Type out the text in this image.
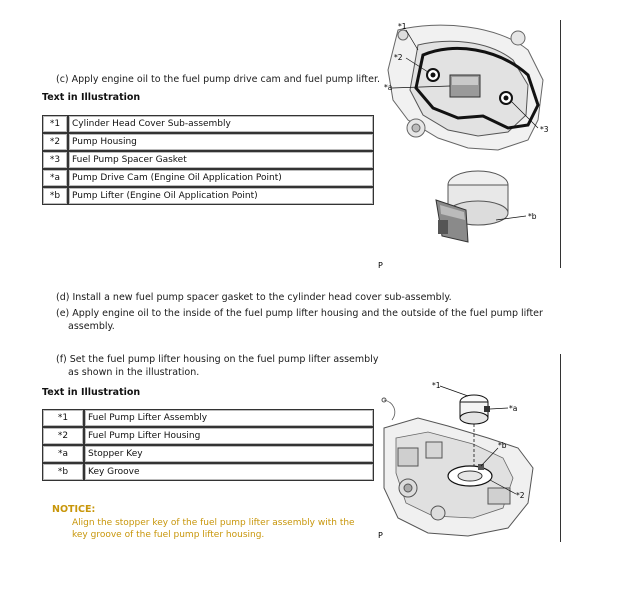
(c) Apply engine oil to the fuel pump drive cam and fuel pump lifter.
Text in Illustration
*1	Cylinder Head Cover Sub-assembly
*2	Pump Housing
*3	Fuel Pump Spacer Gasket
*a	Pump Drive Cam (Engine Oil Application Point)
*b	Pump Lifter (Engine Oil Application Point)
*1
*2
*a
*3
*b
P
(d) Install a new fuel pump spacer gasket to the cylinder head cover sub-assembly.
(e) Apply engine oil to the inside of the fuel pump lifter housing and the outside of the fuel pump lifter
assembly.
(f) Set the fuel pump lifter housing on the fuel pump lifter assembly
as shown in the illustration.
Text in Illustration
*1	Fuel Pump Lifter Assembly
*2	Fuel Pump Lifter Housing
*a	Stopper Key
*b	Key Groove
NOTICE:
Align the stopper key of the fuel pump lifter assembly with the
key groove of the fuel pump lifter housing.
*1
*a
*b
*2
P
